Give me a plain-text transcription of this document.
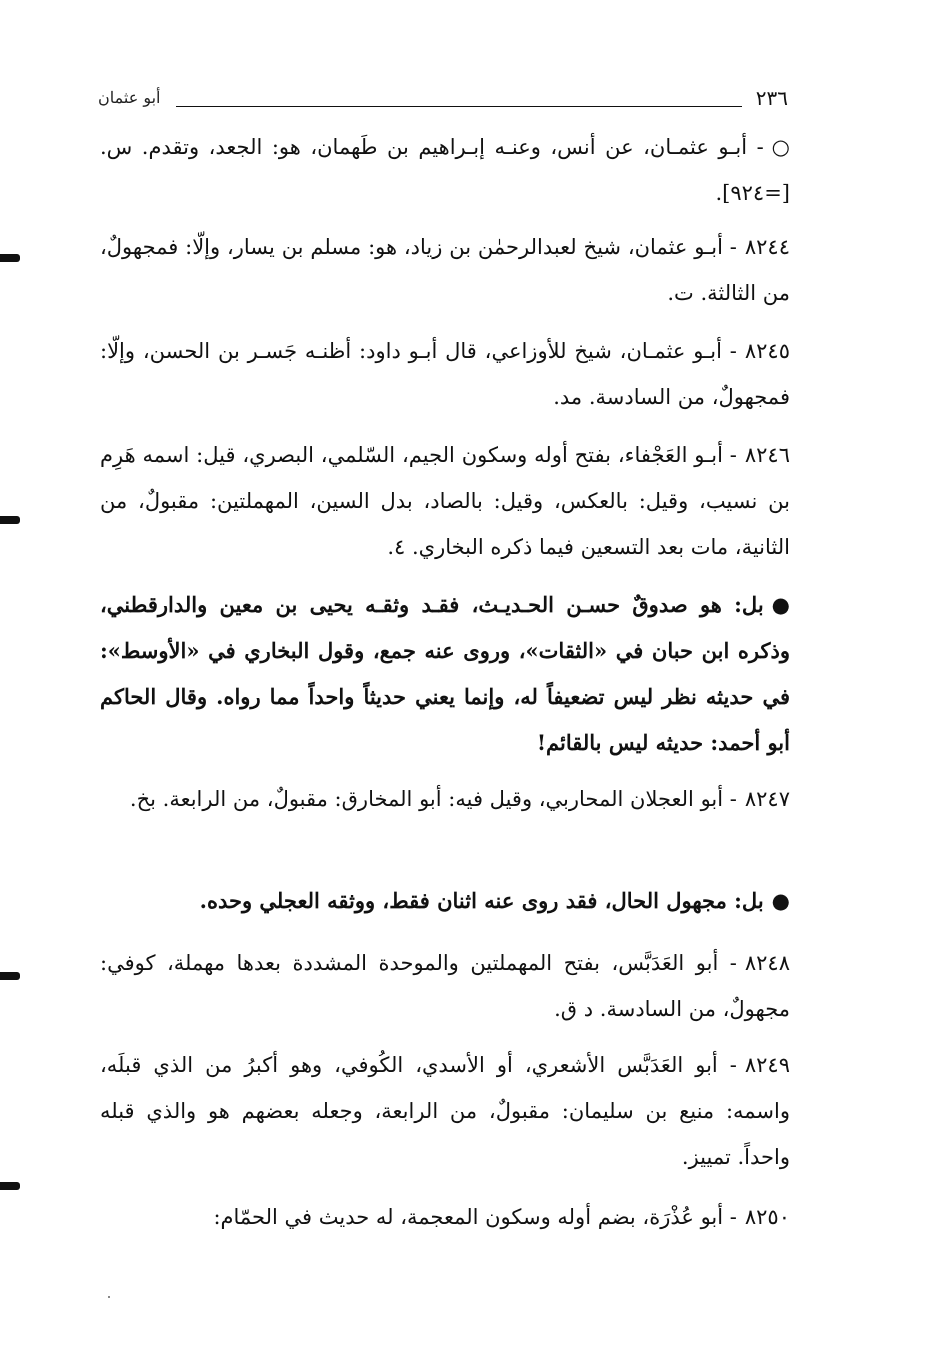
٢٣٦
أبو عثمان

○- أبـو عثمـان، عن أنس، وعنـه إبـراهيم بن طَهمان، هو: الجعد، وتقدم. س. [=٩٢٤].

٨٢٤٤- أبـو عثمان، شيخ لعبدالرحمٰن بن زياد، هو: مسلم بن يسار، وإلّا: فمجهولٌ، من الثالثة. ت.

٨٢٤٥- أبـو عثمـان، شيخ للأوزاعي، قال أبـو داود: أظنـه جَسـر بن الحسن، وإلّا: فمجهولٌ، من السادسة. مد.

٨٢٤٦- أبـو العَجْفاء، بفتح أوله وسكون الجيم، السّلمي، البصري، قيل: اسمه هَرِم بن نسيب، وقيل: بالعكس، وقيل: بالصاد، بدل السين، المهملتين: مقبولٌ، من الثانية، مات بعد التسعين فيما ذكره البخاري. ٤.

●بل: هو صدوقٌ حسـن الحـديـث، فقـد وثقـه يحيى بن معين والدارقطني، وذكره ابن حبان في «الثقات»، وروى عنه جمع، وقول البخاري في «الأوسط»: في حديثه نظر ليس تضعيفاً له، وإنما يعني حديثاً واحداً مما رواه. وقال الحاكم أبو أحمد: حديثه ليس بالقائم!

٨٢٤٧- أبو العجلان المحاربي، وقيل فيه: أبو المخارق: مقبولٌ، من الرابعة. بخ.

●بل: مجهول الحال، فقد روى عنه اثنان فقط، ووثقه العجلي وحده.

٨٢٤٨- أبو العَدَبَّس، بفتح المهملتين والموحدة المشددة بعدها مهملة، كوفي: مجهولٌ، من السادسة. د ق.

٨٢٤٩- أبو العَدَبَّس الأشعري، أو الأسدي، الكُوفي، وهو أكبرُ من الذي قبلَه، واسمه: منيع بن سليمان: مقبولٌ، من الرابعة، وجعله بعضهم هو والذي قبله واحداً. تمييز.

٨٢٥٠- أبو عُذْرَة، بضم أوله وسكون المعجمة، له حديث في الحمّام:
